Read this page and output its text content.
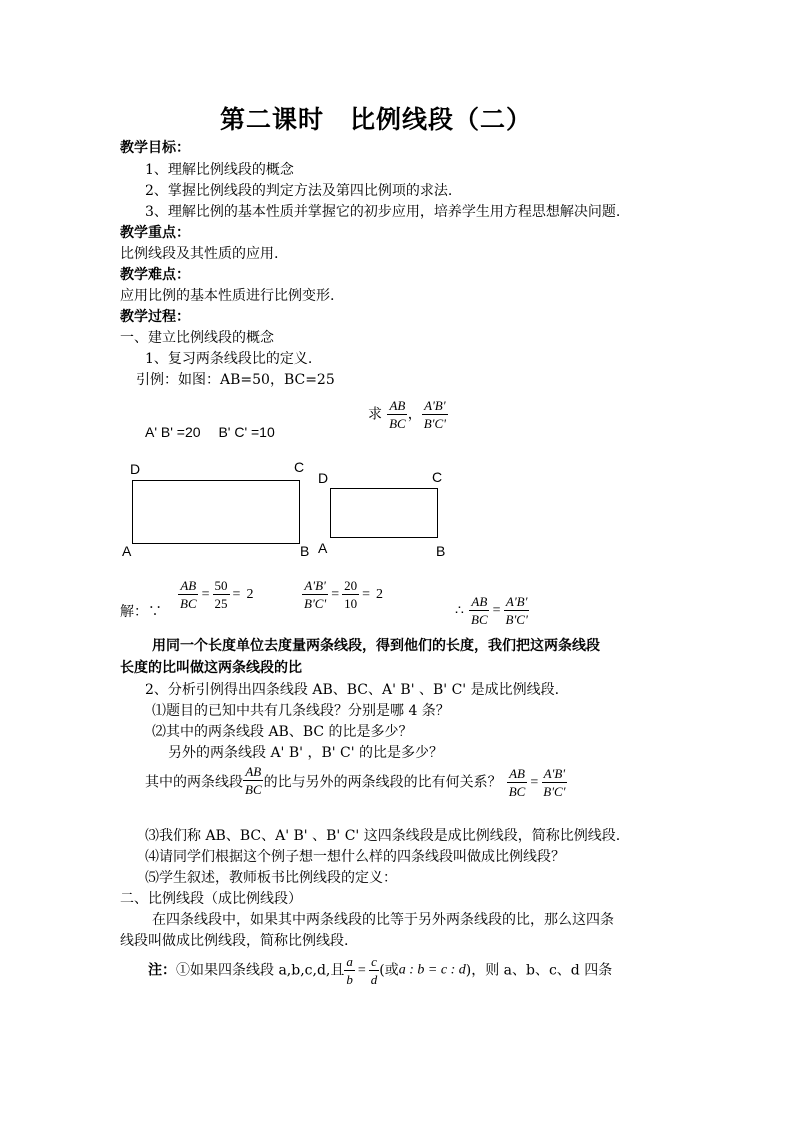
第二课时　比例线段（二）
教学目标：
1、理解比例线段的概念
2、掌握比例线段的判定方法及第四比例项的求法.
3、理解比例的基本性质并掌握它的初步应用，培养学生用方程思想解决问题.
教学重点：
比例线段及其性质的应用.
教学难点：
应用比例的基本性质进行比例变形.
教学过程：
一、建立比例线段的概念
1、复习两条线段比的定义.
引例：如图：AB=50，BC=25
A' B' =20　 B' C' =10
求 $\frac{AB}{BC}$ ， $\frac{A'B'}{B'C'}$
D	C
A	B
D	C
A	B
解：∵
$\frac{AB}{BC} = \frac{50}{25} = 2$	$\frac{A'B'}{B'C'} = \frac{20}{10} = 2$
∴ $\frac{AB}{BC} = \frac{A'B'}{B'C'}$
用同一个长度单位去度量两条线段，得到他们的长度，我们把这两条线段
长度的比叫做这两条线段的比
2、分析引例得出四条线段 AB、BC、A' B' 、B' C' 是成比例线段.
⑴题目的已知中共有几条线段？分别是哪 4 条？
⑵其中的两条线段 AB、BC 的比是多少？
另外的两条线段 A' B' ，B' C' 的比是多少？
其中的两条线段 $\frac{AB}{BC}$ 的比与另外的两条线段的比有何关系？ $\frac{AB}{BC} = \frac{A'B'}{B'C'}$
⑶我们称 AB、BC、A' B' 、B' C' 这四条线段是成比例线段，简称比例线段.
⑷请同学们根据这个例子想一想什么样的四条线段叫做成比例线段？
⑸学生叙述，教师板书比例线段的定义：
二、比例线段（成比例线段）
在四条线段中，如果其中两条线段的比等于另外两条线段的比，那么这四条
线段叫做成比例线段，简称比例线段.
注：①如果四条线段 a,b,c,d,且 $\frac{a}{b} = \frac{c}{d}$ (或a : b = c : d)，则 a、b、c、d 四条
